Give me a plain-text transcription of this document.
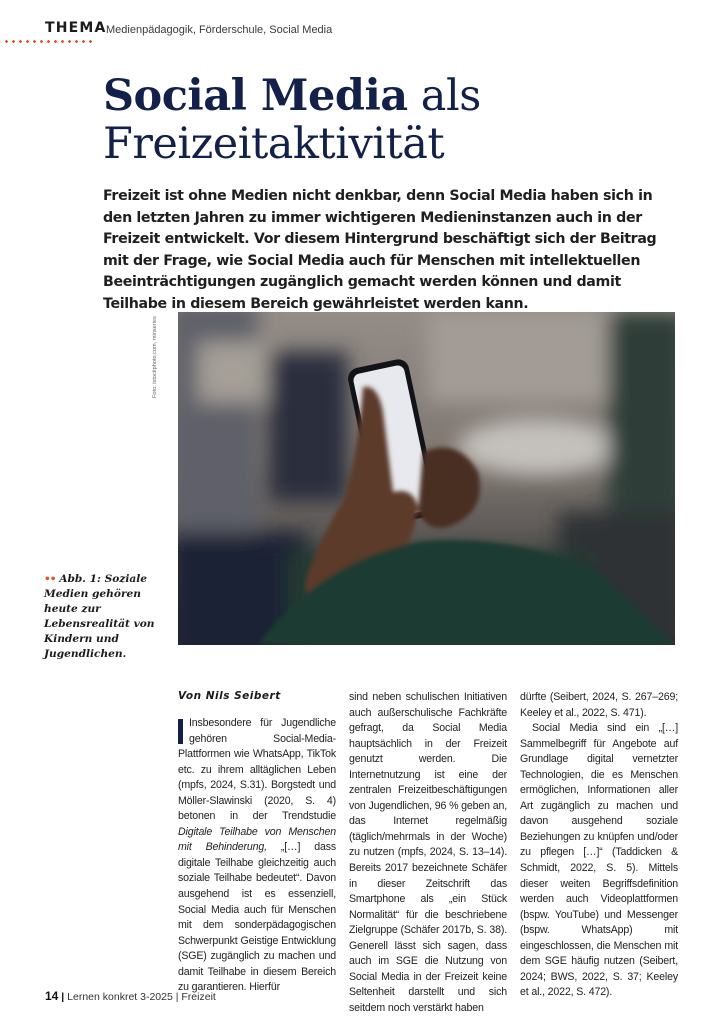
THEMA Medienpädagogik, Förderschule, Social Media
Social Media als
Freizeitaktivität

Freizeit ist ohne Medien nicht denkbar, denn Social Media haben sich in den letzten Jahren zu immer wichtigeren Medieninstanzen auch in der Freizeit entwickelt. Vor diesem Hintergrund beschäftigt sich der Beitrag mit der Frage, wie Social Media auch für Menschen mit intellektuellen Beeinträchtigungen zugänglich gemacht werden können und damit Teilhabe in diesem Bereich gewährleistet werden kann.

Foto: istockphoto.com, minseries

•• Abb. 1: Soziale Medien gehören heute zur Lebensrealität von Kindern und Jugendlichen.

Von Nils Seibert

Insbesondere für Jugendliche gehören Social-Media-Plattformen wie WhatsApp, TikTok etc. zu ihrem alltäglichen Leben (mpfs, 2024, S.31). Borgstedt und Möller-Slawinski (2020, S. 4) betonen in der Trendstudie Digitale Teilhabe von Menschen mit Behinderung, „[…] dass digitale Teilhabe gleichzeitig auch soziale Teilhabe bedeutet“. Davon ausgehend ist es essenziell, Social Media auch für Menschen mit dem sonderpädagogischen Schwerpunkt Geistige Entwicklung (SGE) zugänglich zu machen und damit Teilhabe in diesem Bereich zu garantieren. Hierfür

sind neben schulischen Initiativen auch außerschulische Fachkräfte gefragt, da Social Media hauptsächlich in der Freizeit genutzt werden. Die Internetnutzung ist eine der zentralen Freizeitbeschäftigungen von Jugendlichen, 96 % geben an, das Internet regelmäßig (täglich/mehrmals in der Woche) zu nutzen (mpfs, 2024, S. 13–14). Bereits 2017 bezeichnete Schäfer in dieser Zeitschrift das Smartphone als „ein Stück Normalität“ für die beschriebene Zielgruppe (Schäfer 2017b, S. 38). Generell lässt sich sagen, dass auch im SGE die Nutzung von Social Media in der Freizeit keine Seltenheit darstellt und sich seitdem noch verstärkt haben

dürfte (Seibert, 2024, S. 267–269; Keeley et al., 2022, S. 471).

Social Media sind ein „[…] Sammelbegriff für Angebote auf Grundlage digital vernetzter Technologien, die es Menschen ermöglichen, Informationen aller Art zugänglich zu machen und davon ausgehend soziale Beziehungen zu knüpfen und/oder zu pflegen […]“ (Taddicken & Schmidt, 2022, S. 5). Mittels dieser weiten Begriffsdefinition werden auch Videoplattformen (bspw. YouTube) und Messenger (bspw. WhatsApp) mit eingeschlossen, die Menschen mit dem SGE häufig nutzen (Seibert, 2024; BWS, 2022, S. 37; Keeley et al., 2022, S. 472).

14 | Lernen konkret 3-2025 | Freizeit
